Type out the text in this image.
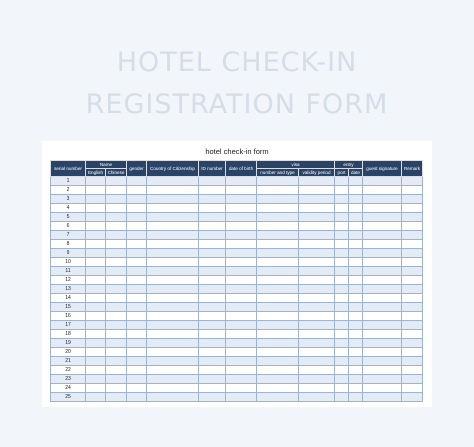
HOTEL CHECK-IN
REGISTRATION FORM
hotel check-in form
serial number	Name		gender	Country of Citizenship	ID number	date of birth	visa		entry		guest signature	Remark
	English	Chinese					number and type	validity period	port	date		
1												
2												
3												
4												
5												
6												
7												
8												
9												
10												
11												
12												
13												
14												
15												
16												
17												
18												
19												
20												
21												
22												
23												
24												
25												
